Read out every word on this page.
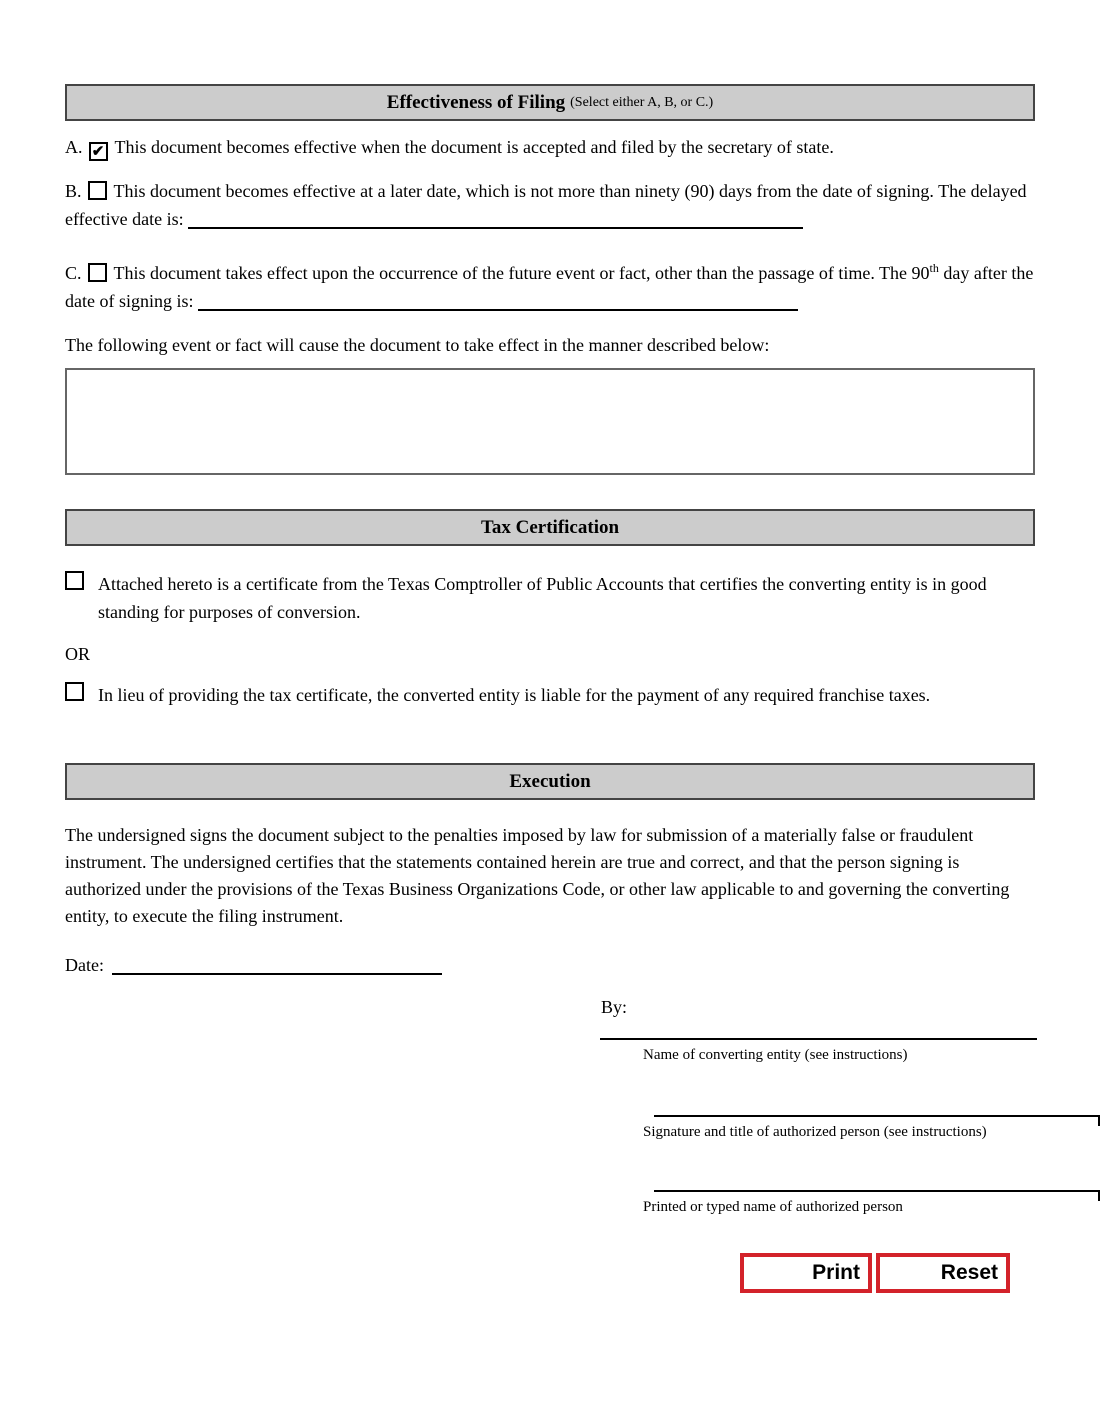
Effectiveness of Filing (Select either A, B, or C.)
A. ✔ This document becomes effective when the document is accepted and filed by the secretary of state.
B. This document becomes effective at a later date, which is not more than ninety (90) days from the date of signing. The delayed effective date is:
C. This document takes effect upon the occurrence of the future event or fact, other than the passage of time. The 90th day after the date of signing is:
The following event or fact will cause the document to take effect in the manner described below:
Tax Certification
Attached hereto is a certificate from the Texas Comptroller of Public Accounts that certifies the converting entity is in good standing for purposes of conversion.
OR
In lieu of providing the tax certificate, the converted entity is liable for the payment of any required franchise taxes.
Execution
The undersigned signs the document subject to the penalties imposed by law for submission of a materially false or fraudulent instrument. The undersigned certifies that the statements contained herein are true and correct, and that the person signing is authorized under the provisions of the Texas Business Organizations Code, or other law applicable to and governing the converting entity, to execute the filing instrument.
Date:
By:
Name of converting entity (see instructions)
Signature and title of authorized person (see instructions)
Printed or typed name of authorized person
Print	Reset
